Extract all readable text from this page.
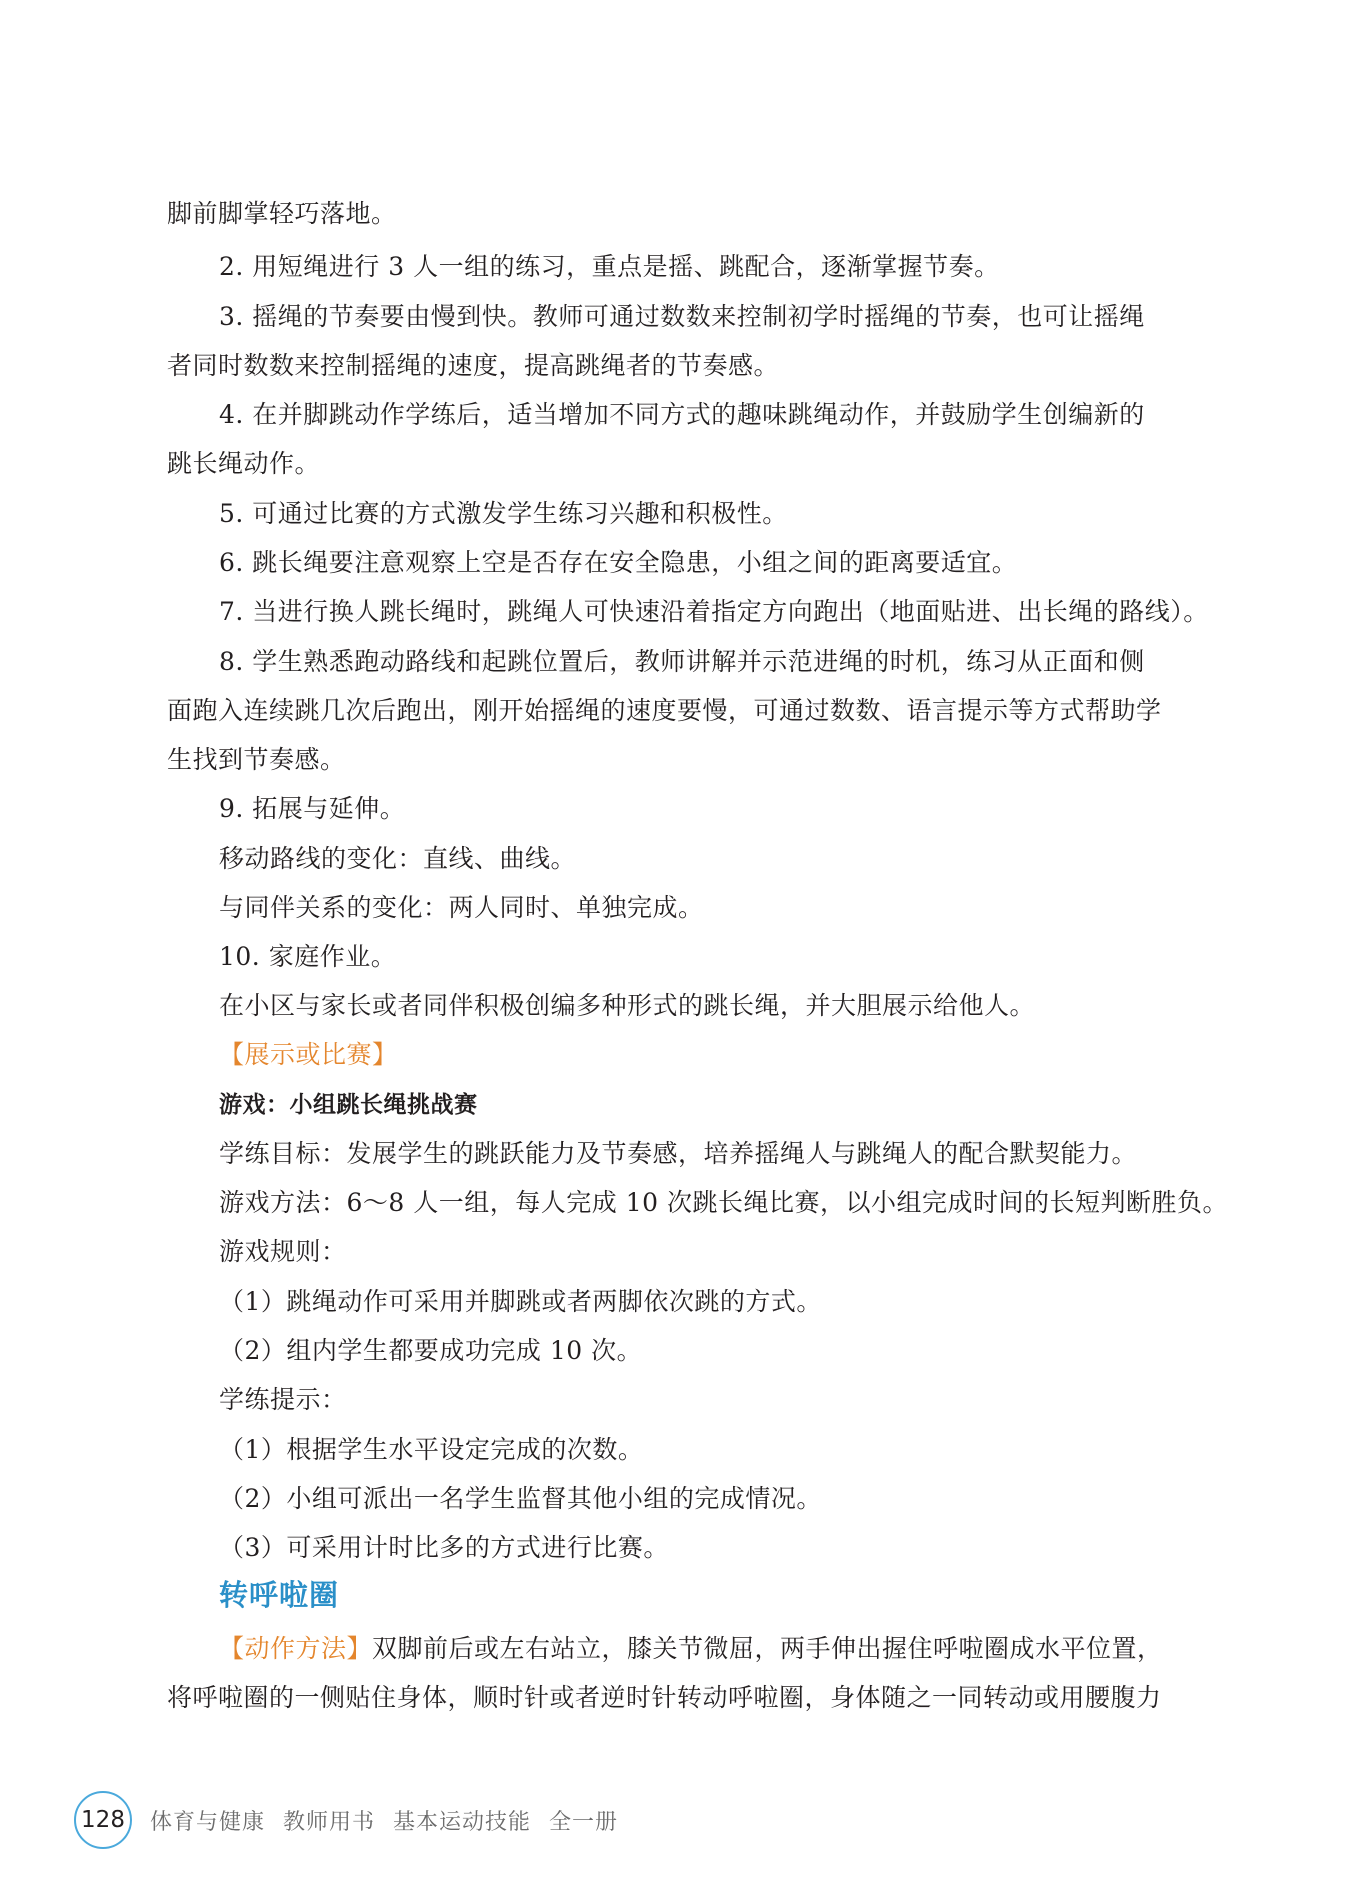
脚前脚掌轻巧落地。
2. 用短绳进行 3 人一组的练习，重点是摇、跳配合，逐渐掌握节奏。
3. 摇绳的节奏要由慢到快。教师可通过数数来控制初学时摇绳的节奏，也可让摇绳
者同时数数来控制摇绳的速度，提高跳绳者的节奏感。
4. 在并脚跳动作学练后，适当增加不同方式的趣味跳绳动作，并鼓励学生创编新的
跳长绳动作。
5. 可通过比赛的方式激发学生练习兴趣和积极性。
6. 跳长绳要注意观察上空是否存在安全隐患，小组之间的距离要适宜。
7. 当进行换人跳长绳时，跳绳人可快速沿着指定方向跑出（地面贴进、出长绳的路线）。
8. 学生熟悉跑动路线和起跳位置后，教师讲解并示范进绳的时机，练习从正面和侧
面跑入连续跳几次后跑出，刚开始摇绳的速度要慢，可通过数数、语言提示等方式帮助学
生找到节奏感。
9. 拓展与延伸。
移动路线的变化：直线、曲线。
与同伴关系的变化：两人同时、单独完成。
10. 家庭作业。
在小区与家长或者同伴积极创编多种形式的跳长绳，并大胆展示给他人。
【展示或比赛】
游戏：小组跳长绳挑战赛
学练目标：发展学生的跳跃能力及节奏感，培养摇绳人与跳绳人的配合默契能力。
游戏方法：6～8 人一组，每人完成 10 次跳长绳比赛，以小组完成时间的长短判断胜负。
游戏规则：
（1）跳绳动作可采用并脚跳或者两脚依次跳的方式。
（2）组内学生都要成功完成 10 次。
学练提示：
（1）根据学生水平设定完成的次数。
（2）小组可派出一名学生监督其他小组的完成情况。
（3）可采用计时比多的方式进行比赛。
转呼啦圈
【动作方法】双脚前后或左右站立，膝关节微屈，两手伸出握住呼啦圈成水平位置，
将呼啦圈的一侧贴住身体，顺时针或者逆时针转动呼啦圈，身体随之一同转动或用腰腹力
128	体育与健康 教师用书 基本运动技能 全一册
